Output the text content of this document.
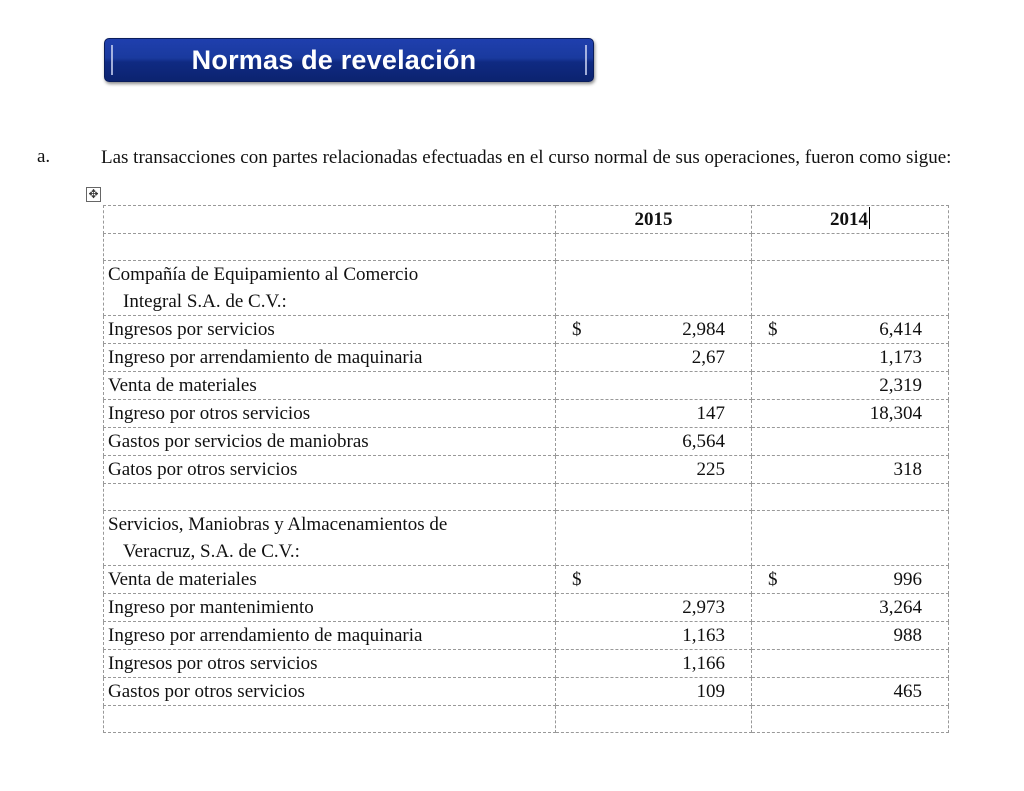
Normas de revelación
a.	Las transacciones con partes relacionadas efectuadas en el curso normal de sus operaciones, fueron como sigue:
✥
	2015	2014

Compañía de Equipamiento al Comercio

Integral S.A. de C.V.:		

Ingresos por servicios	$ 2,984	$ 6,414

Ingreso por arrendamiento de maquinaria	2,67	1,173

Venta de materiales		2,319

Ingreso por otros servicios	147	18,304

Gastos por servicios de maniobras	6,564	

Gatos por otros servicios	225	318

Servicios, Maniobras y Almacenamientos de

Veracruz, S.A. de C.V.:		

Venta de materiales	$	$ 996

Ingreso por mantenimiento	2,973	3,264

Ingreso por arrendamiento de maquinaria	1,163	988

Ingresos por otros servicios	1,166	

Gastos por otros servicios	109	465
